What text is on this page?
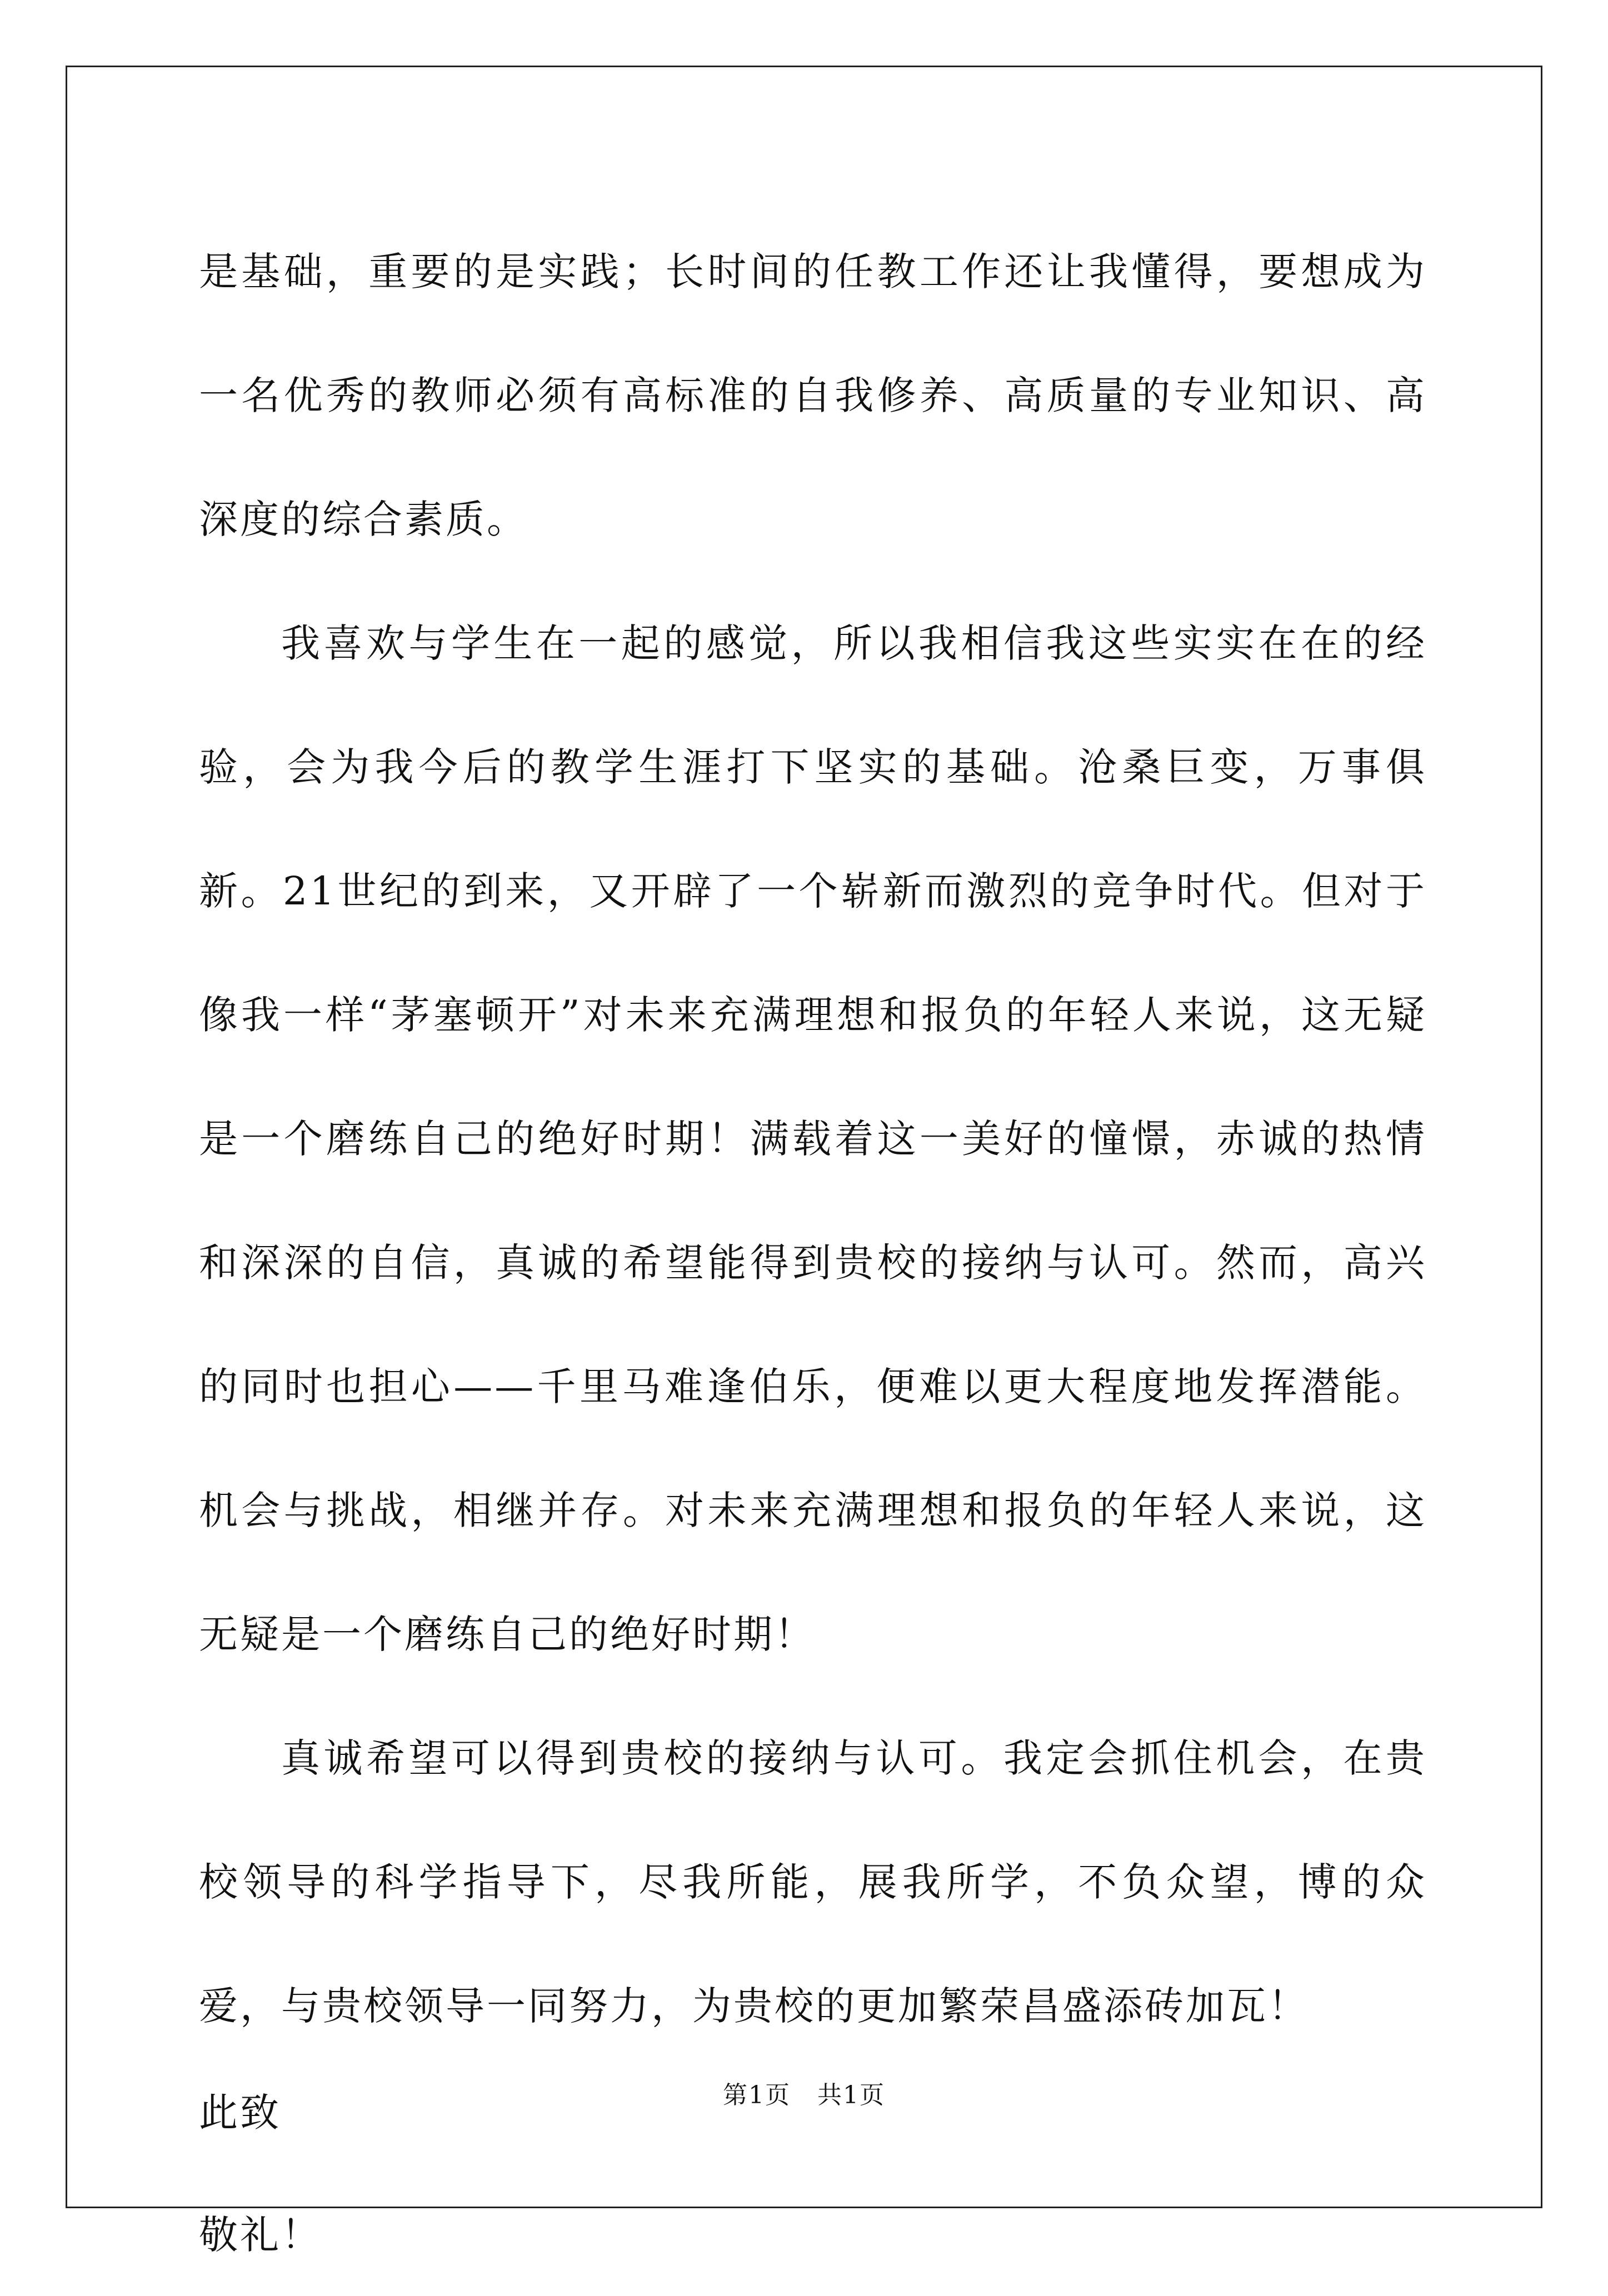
是基础，重要的是实践；长时间的任教工作还让我懂得，要想成为一名优秀的教师必须有高标准的自我修养、高质量的专业知识、高深度的综合素质。

我喜欢与学生在一起的感觉，所以我相信我这些实实在在的经验，会为我今后的教学生涯打下坚实的基础。沧桑巨变，万事俱新。21世纪的到来，又开辟了一个崭新而激烈的竞争时代。但对于像我一样“茅塞顿开”对未来充满理想和报负的年轻人来说，这无疑是一个磨练自己的绝好时期！满载着这一美好的憧憬，赤诚的热情和深深的自信，真诚的希望能得到贵校的接纳与认可。然而，高兴的同时也担心——千里马难逢伯乐，便难以更大程度地发挥潜能。机会与挑战，相继并存。对未来充满理想和报负的年轻人来说，这无疑是一个磨练自己的绝好时期！

真诚希望可以得到贵校的接纳与认可。我定会抓住机会，在贵校领导的科学指导下，尽我所能，展我所学，不负众望，博的众爱，与贵校领导一同努力，为贵校的更加繁荣昌盛添砖加瓦！

此致

敬礼！

第1页 共1页
